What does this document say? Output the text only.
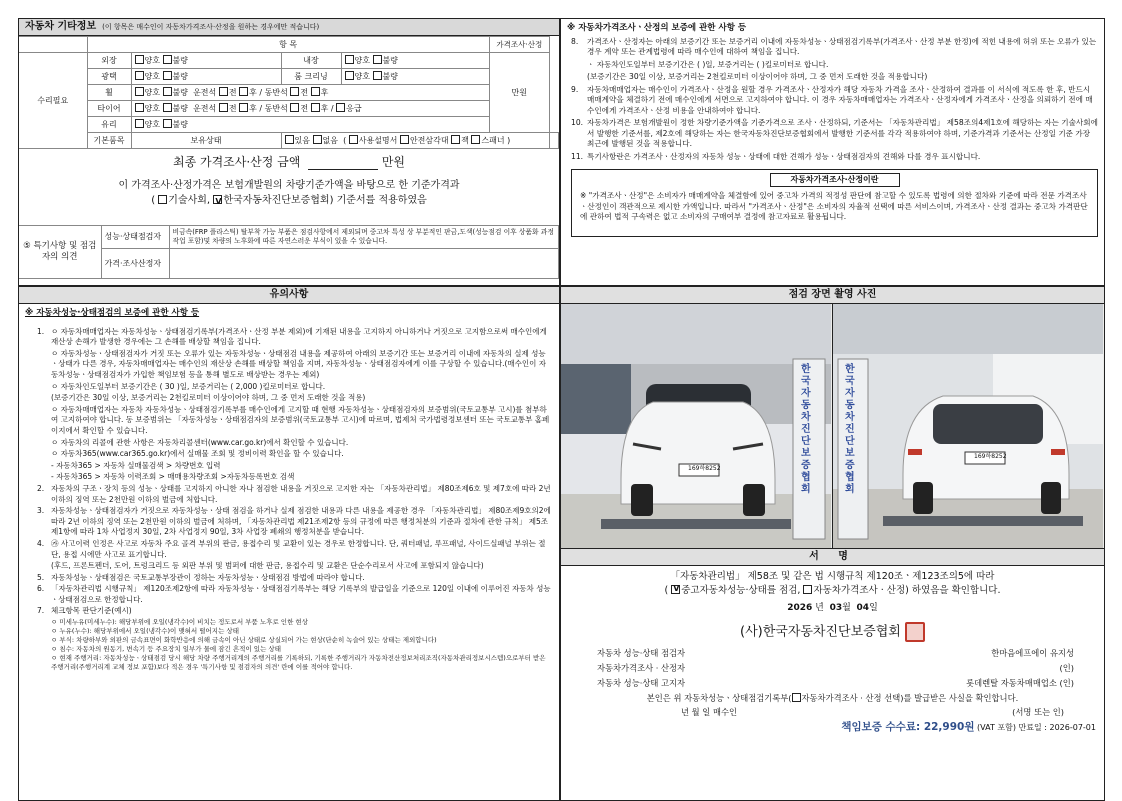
자동차 기타정보 (이 항목은 매수인이 자동차가격조사·산정을 원하는 경우에만 적습니다)
	항 목				가격조사·산정	
수리필요	외장	양호 불량	내장	양호 불량	만원	
	광택	양호 불량	룸 크리닝	양호 불량		
	휠	양호 불량 운전석 전 후 / 동반석 전 후				
	타이어	양호 불량 운전석 전 후 / 동반석 전 후 / 응급				
	유리	양호 불량				
	기본품목	보유상태	있음 없음 ( 사용설명서 안전삼각대 잭 스패너 )			
최종 가격조사·산정 금액	만원
이 가격조사·산정가격은 보험개발원의 차량기준가액을 바탕으로 한 기준가격과
( 기술사회, V 한국자동차진단보증협회) 기준서를 적용하였음
⑤ 특기사항 및 점검자의 의견	성능·상태점검자	비금속(FRP 플라스틱) 탈부착 가능 부품은 점검사항에서 제외되며 중고차 특성 상 부분적인 판금,도색(성능점검 이후 상품화 과정 작업 포함)및 차량의 노후화에 따른 자연스러운 부식이 있을 수 있습니다.
	가격·조사산정자	
※ 자동차가격조사ㆍ산정의 보증에 관한 사항 등
8.	가격조사ㆍ산정자는 아래의 보증기간 또는 보증거리 이내에 자동차성능ㆍ상태점검기록부(가격조사ㆍ산정 부분 한정)에 적힌 내용에 허위 또는 오류가 있는 경우 계약 또는 관계법령에 따라 매수인에 대하여 책임을 집니다.
ㆍ 자동차인도일부터 보증기간은 ( )일, 보증거리는 ( )킬로미터로 합니다.
(보증기간은 30일 이상, 보증거리는 2천킬로미터 이상이어야 하며, 그 중 먼저 도래한 것을 적용합니다)
9.	자동차매매업자는 매수인이 가격조사ㆍ산정을 원할 경우 가격조사ㆍ산정자가 해당 자동차 가격을 조사ㆍ산정하여 결과를 이 서식에 적도록 한 후, 반드시 매매계약을 체결하기 전에 매수인에게 서면으로 고지하여야 합니다. 이 경우 자동차매매업자는 가격조사ㆍ산정자에게 가격조사ㆍ산정을 의뢰하기 전에 매수인에게 가격조사ㆍ산정 비용을 안내하여야 합니다.
10. 자동차가격은 보험개발원이 정한 차량기준가액을 기준가격으로 조사ㆍ산정하되, 기준서는 「자동차관리법」 제58조의4제1호에 해당하는 자는 기술사회에서 발행한 기준서를, 제2호에 해당하는 자는 한국자동차진단보증협회에서 발행한 기준서를 각각 적용하여야 하며, 기준가격과 기준서는 산정일 기준 가장 최근에 발행된 것을 적용합니다.
11. 특기사항란은 가격조사ㆍ산정자의 자동차 성능ㆍ상태에 대한 견해가 성능ㆍ상태점검자의 견해와 다를 경우 표시합니다.
자동차가격조사·산정이란

※ "가격조사ㆍ산정"은 소비자가 매매계약을 체결함에 있어 중고차 가격의 적정성 판단에 참고할 수 있도록 법령에 의한 절차와 기준에 따라 전문 가격조사ㆍ산정인이 객관적으로 제시한 가액입니다. 따라서 "가격조사ㆍ산정"은 소비자의 자율적 선택에 따른 서비스이며, 가격조사ㆍ산정 결과는 중고차 가격판단에 관하여 법적 구속력은 없고 소비자의 구매여부 결정에 참고자료로 활용됩니다.

유의사항
※ 자동차성능·상태점검의 보증에 관한 사항 등
1. ㅇ 자동차매매업자는 자동차성능ㆍ상태점검기록부(가격조사ㆍ산정 부분 제외)에 기재된 내용을 고지하지 아니하거나 거짓으로 고지함으로써 매수인에게 재산상 손해가 발생한 경우에는 그 손해를 배상할 책임을 집니다.
ㅇ 자동차성능ㆍ상태점검자가 거짓 또는 오류가 있는 자동차성능ㆍ상태점검 내용을 제공하여 아래의 보증기간 또는 보증거리 이내에 자동차의 실제 성능ㆍ상태가 다른 경우, 자동차매매업자는 매수인의 재산상 손해를 배상할 책임을 지며, 자동차성능ㆍ상태점검자에게 이를 구상할 수 있습니다.(매수인이 자동차성능ㆍ상태점검자가 가입한 책임보험 등을 통해 별도로 배상받는 경우는 제외)
ㅇ 자동차인도일부터 보증기간은 ( 30 )일, 보증거리는 ( 2,000 )킬로미터로 합니다.
(보증기간은 30일 이상, 보증거리는 2천킬로미터 이상이어야 하며, 그 중 먼저 도래한 것을 적용)
ㅇ 자동차매매업자는 자동차 자동차성능ㆍ상태점검기록부를 매수인에게 고지할 때 현행 자동차성능ㆍ상태점검자의 보증범위(국토교통부 고시)를 첨부하여 고지하여야 합니다. 동 보증범위는 「자동차성능ㆍ상태점검자의 보증범위(국토교통부 고시)에 따르며, 법제처 국가법령정보센터 또는 국토교통부 홈페이지에서 확인할 수 있습니다.
ㅇ 자동차의 리콜에 관한 사항은 자동차리콜센터(www.car.go.kr)에서 확인할 수 있습니다.
ㅇ 자동차365(www.car365.go.kr)에서 실매물 조회 및 정비이력 확인을 할 수 있습니다.
- 자동차365 > 자동차 실매물검색 > 차량번호 입력
- 자동차365 > 자동차 이력조회 > 매매용차량조회 >자동차등록번호 검색
2. 자동차의 구조ㆍ장치 등의 성능ㆍ상태를 고지하지 아니한 자나 점검한 내용을 거짓으로 고지한 자는 「자동차관리법」 제80조제6호 및 제7호에 따라 2년 이하의 징역 또는 2천만원 이하의 벌금에 처합니다.
3. 자동차성능ㆍ상태점검자가 거짓으로 자동차성능ㆍ상태 점검을 하거나 실제 점검한 내용과 다른 내용을 제공한 경우 「자동차관리법」 제80조제9호의2에 따라 2년 이하의 징역 또는 2천만원 이하의 벌금에 처하며, 「자동차관리법 제21조제2항 등의 규정에 따른 행정처분의 기준과 절차에 관한 규칙」 제5조제1항에 따라 1차 사업정지 30일, 2차 사업정지 90일, 3차 사업장 폐쇄의 행정처분을 받습니다.
4. ㉮ 사고이력 인정은 사고로 자동차 주요 골격 부위의 판금, 용접수리 및 교환이 있는 경우로 한정합니다. 단, 쿼터패널, 루프패널, 사이드실패널 부위는 절단, 용접 시에만 사고로 표기합니다.
(후드, 프론트펜더, 도어, 트렁크리드 등 외판 부위 및 범퍼에 대한 판금, 용접수리 및 교환은 단순수리로서 사고에 포함되지 않습니다)
5. 자동차성능ㆍ상태점검은 국토교통부장관이 정하는 자동차성능ㆍ상태점검 방법에 따라야 합니다.
6. 「자동차관리법 시행규칙」 제120조제2항에 따라 자동차성능ㆍ상태점검기록부는 해당 기록부의 발급일을 기준으로 120일 이내에 이루어진 자동차 성능ㆍ상태점검으로 한정합니다.
7. 체크항목 판단기준(예시)
ㅇ 미세누유(미세누수): 해당부위에 오일(냉각수)이 비치는 정도로서 부품 노후로 인한 현상
ㅇ 누유(누수): 해당부위에서 오일(냉각수)이 맺혀서 떨어지는 상태
ㅇ 부식: 차량하부와 외판의 금속표면이 화학반응에 의해 금속이 아닌 상태로 상실되어 가는 현상(단순히 녹슬어 있는 상태는 제외합니다)
ㅇ 침수: 자동차의 원동기, 변속기 등 주요장치 일부가 물에 잠긴 흔적이 있는 상태
ㅇ 현재 주행거리: 자동차성능ㆍ상태점검 당시 해당 차량 주행거리계의 주행거리를 기록하되, 기록한 주행거리가 자동차전산정보처리조직(자동차관리정보시스템)으로부터 받은 주행거리(주행거리계 교체 정보 포함)보다 적은 경우 '특기사항 및 점검자의 의견' 란에 이를 적어야 합니다.
점검 장면 촬영 사진
169하8252
한국자동차진단보증협회
169하8252
한국자동차진단보증협회
서 명
「자동차관리법」 제58조 및 같은 법 시행규칙 제120조ㆍ제123조의5에 따라
( V 중고자동차성능·상태를 점검, 자동차가격조사 · 산정) 하였음을 확인합니다.
2026 년 03월 04일
(사)한국자동차진단보증협회
자동차 성능·상태 점검자	한마음에프에이 유지성
자동차가격조사 · 산정자	(인)
자동차 성능·상태 고지자	롯데렌탈 자동차매매업소 (인)
본인은 위 자동차성능ㆍ상태점검기록부( 자동차가격조사 · 산정 선택)를 발급받은 사실을 확인합니다.
년 월 일 매수인	(서명 또는 인)
책임보증 수수료: 22,990원 (VAT 포함) 만료일 : 2026-07-01
